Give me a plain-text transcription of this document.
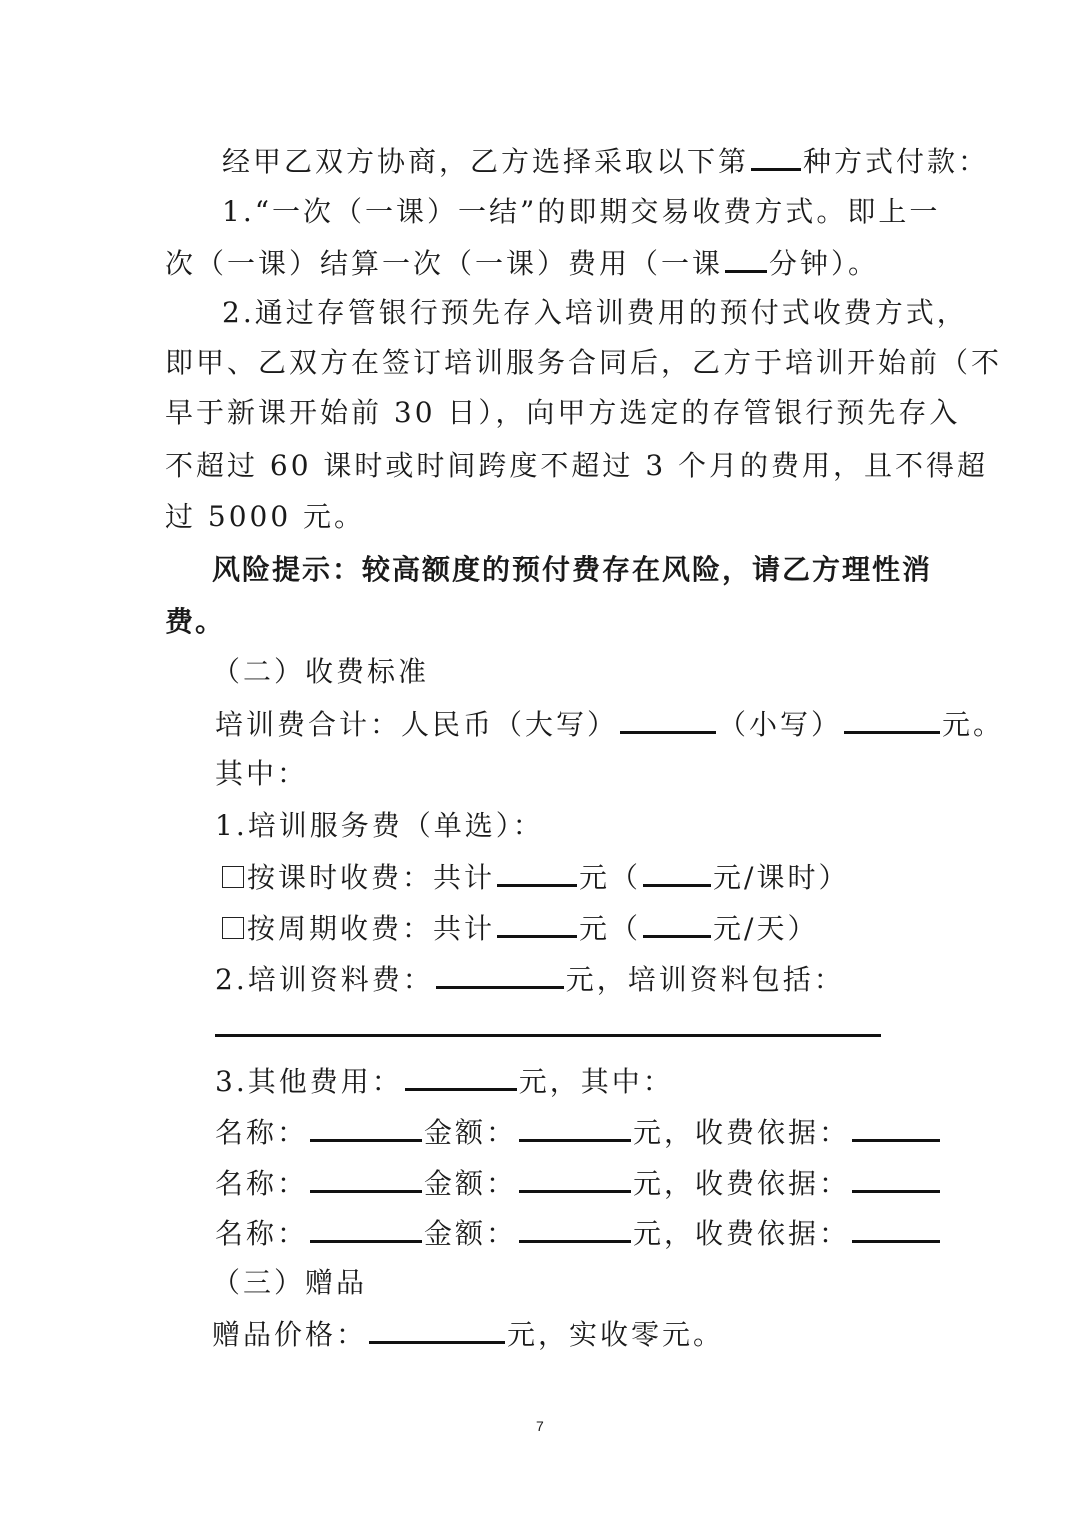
经甲乙双方协商，乙方选择采取以下第 种方式付款：
1.“一次（一课）一结”的即期交易收费方式。即上一
次（一课）结算一次（一课）费用（一课 分钟）。
2.通过存管银行预先存入培训费用的预付式收费方式，
即甲、乙双方在签订培训服务合同后，乙方于培训开始前（不
早于新课开始前 30 日），向甲方选定的存管银行预先存入
不超过 60 课时或时间跨度不超过 3 个月的费用，且不得超
过 5000 元。
风险提示：较高额度的预付费存在风险，请乙方理性消
费。
（二）收费标准
培训费合计：人民币（大写）	（小写）	元。
其中：
1.培训服务费（单选）：
按课时收费：共计	元（	元/课时）
按周期收费：共计	元（	元/天）
2.培训资料费：	元，培训资料包括：
3.其他费用：	元，其中：
名称：	金额：	元，收费依据：
名称：	金额：	元，收费依据：
名称：	金额：	元，收费依据：
（三）赠品
赠品价格：	元，实收零元。
7
